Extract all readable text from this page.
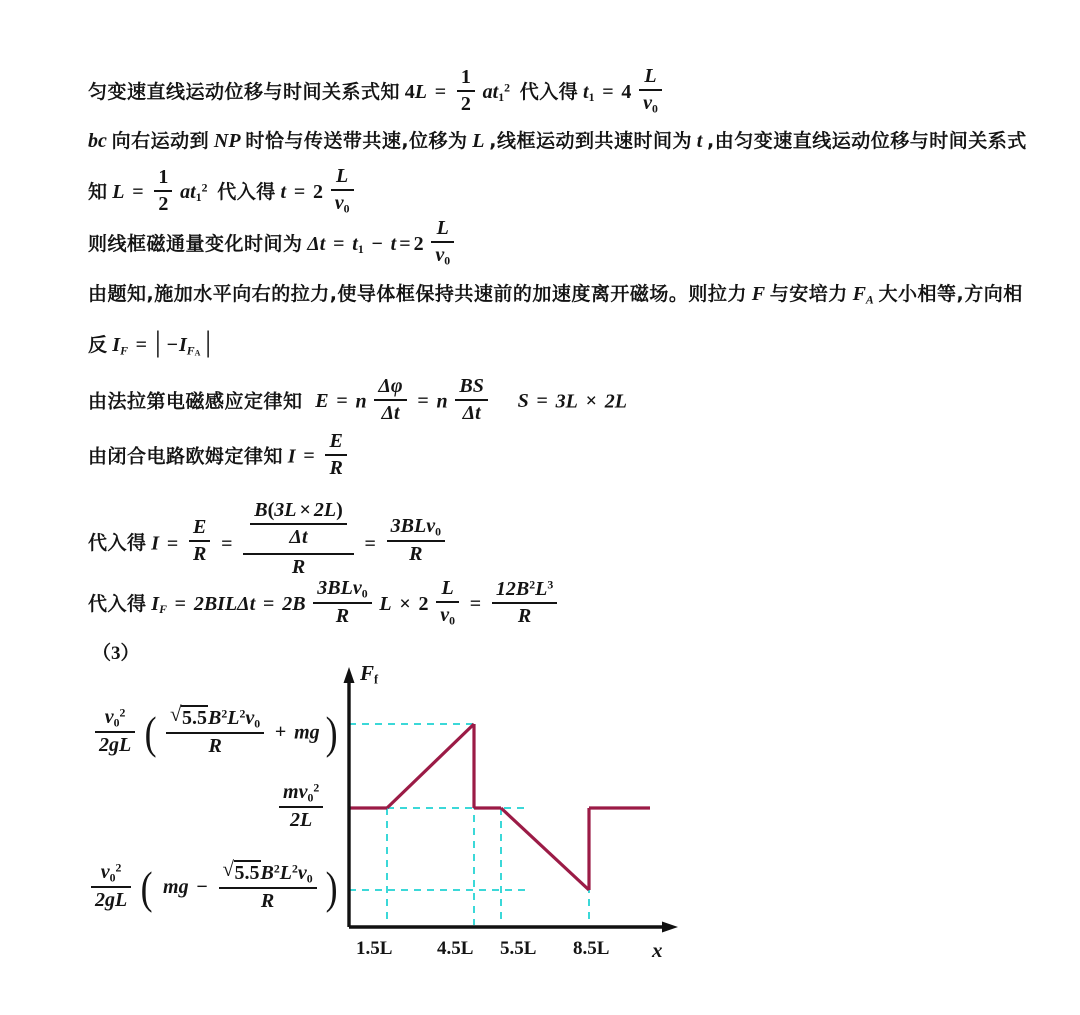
匀变速直线运动位移与时间关系式知 $4L = \frac{1}{2} at_1^2$ 代入得 $t_1 = 4 \frac{L}{v_0}$
bc 向右运动到 NP 时恰与传送带共速,位移为 L ,线框运动到共速时间为 t ,由匀变速直线运动位移与时间关系式
知 $L = \frac{1}{2} at_1^2$ 代入得 $t = 2 \frac{L}{v_0}$
则线框磁通量变化时间为 $\Delta t = t_1 - t = 2 \frac{L}{v_0}$
由题知,施加水平向右的拉力,使导体框保持共速前的加速度离开磁场。则拉力 F 与安培力 FA 大小相等,方向相
反 IF = | $-IF_A$ |
由法拉第电磁感应定律知 E = n $\frac{\Delta\varphi}{\Delta t} = n \frac{BS}{\Delta t}$ S = 3L × 2L
由闭合电路欧姆定律知 $I = \frac{E}{R}$
代入得 $I = \frac{E}{R} = \frac{\frac{B(3L \times 2L)}{\Delta t}}{R} = \frac{3BLv_0}{R}$
代入得 IF = $2BIL\Delta t = 2B \frac{3BLv_0}{R}$ $L \times 2 \frac{L}{v_0} = \frac{12B^2L^3}{R}$
（3）
$\frac{v_0^2}{2gL}$ ( √ $\frac{5.5B^2L^2v_0}{R}$ + mg )
$\frac{mv_0^2}{2L}$
$\frac{v_0^2}{2gL}$ ( mg − √ $\frac{5.5B^2L^2v_0}{R}$ )
$F_f$
x
1.5L 4.5L 5.5L 8.5L
